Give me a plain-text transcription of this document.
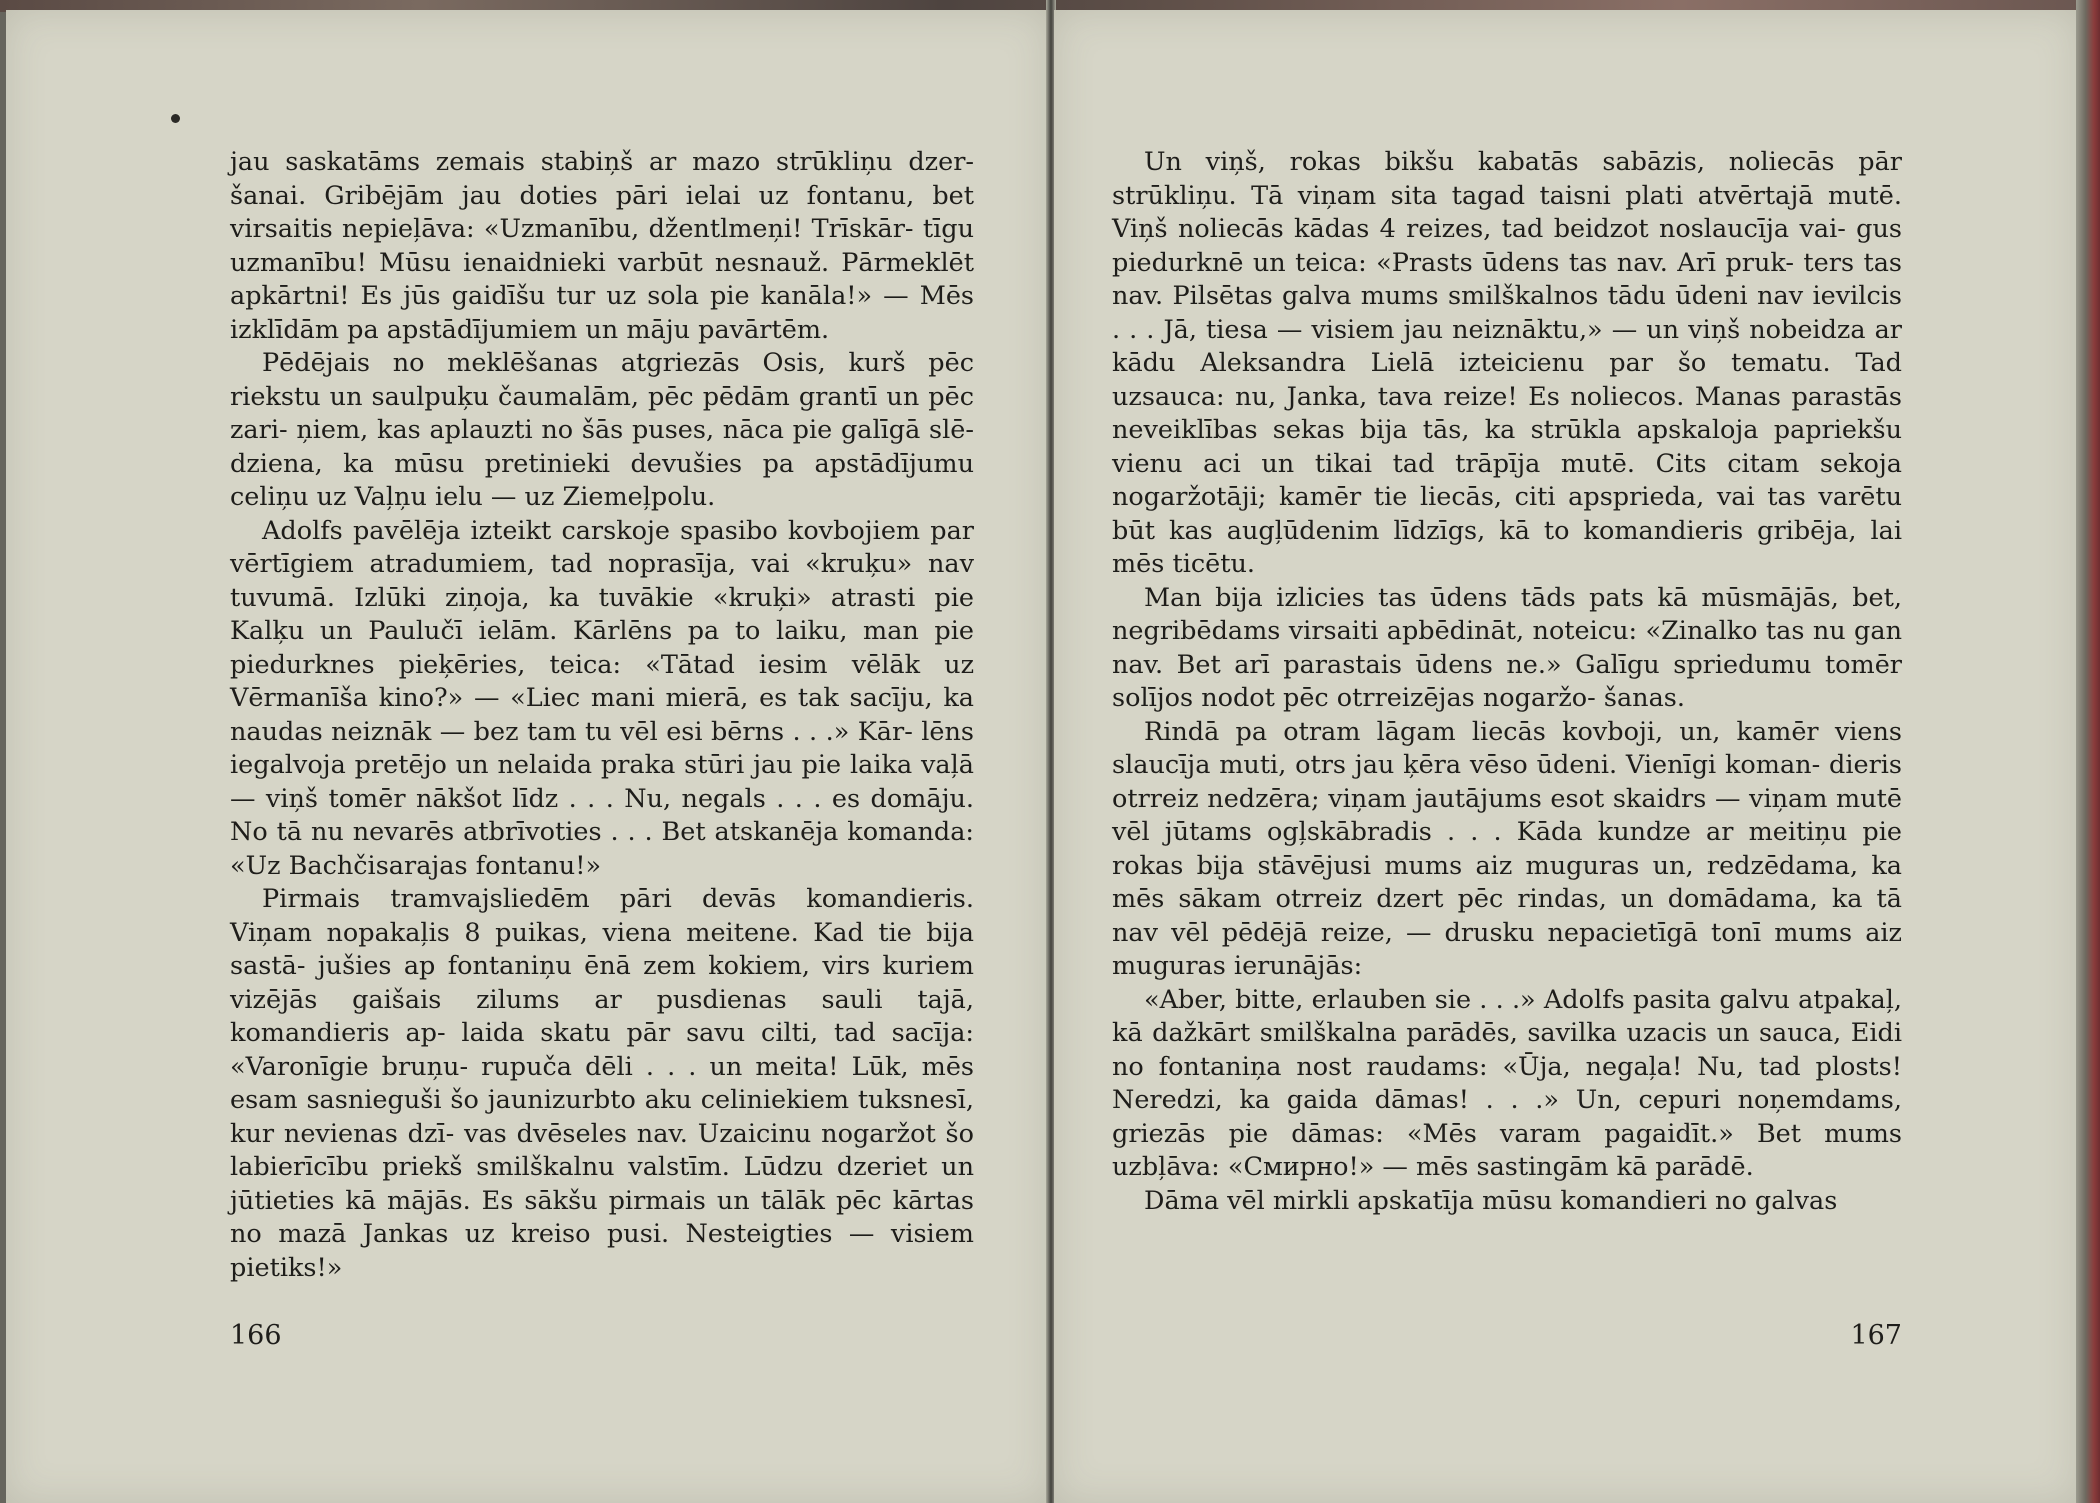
jau saskatāms zemais stabiņš ar mazo strūkliņu dzer- šanai. Gribējām jau doties pāri ielai uz fontanu, bet virsaitis nepieļāva: «Uzmanību, džentlmeņi! Trīskār- tīgu uzmanību! Mūsu ienaidnieki varbūt nesnauž. Pārmeklēt apkārtni! Es jūs gaidīšu tur uz sola pie kanāla!» — Mēs izklīdām pa apstādījumiem un māju pavārtēm.

Pēdējais no meklēšanas atgriezās Osis, kurš pēc riekstu un saulpuķu čaumalām, pēc pēdām grantī un pēc zari- ņiem, kas aplauzti no šās puses, nāca pie galīgā slē- dziena, ka mūsu pretinieki devušies pa apstādījumu celiņu uz Vaļņu ielu — uz Ziemeļpolu.

Adolfs pavēlēja izteikt carskoje spasibo kovbojiem par vērtīgiem atradumiem, tad noprasīja, vai «kruķu» nav tuvumā. Izlūki ziņoja, ka tuvākie «kruķi» atrasti pie Kalķu un Paulučī ielām. Kārlēns pa to laiku, man pie piedurknes pieķēries, teica: «Tātad iesim vēlāk uz Vērmanīša kino?» — «Liec mani mierā, es tak sacīju, ka naudas neiznāk — bez tam tu vēl esi bērns . . .» Kār- lēns iegalvoja pretējo un nelaida praka stūri jau pie laika vaļā — viņš tomēr nākšot līdz . . . Nu, negals . . . es domāju. No tā nu nevarēs atbrīvoties . . . Bet atskanēja komanda: «Uz Bachčisarajas fontanu!»

Pirmais tramvajsliedēm pāri devās komandieris. Viņam nopakaļis 8 puikas, viena meitene. Kad tie bija sastā- jušies ap fontaniņu ēnā zem kokiem, virs kuriem vizējās gaišais zilums ar pusdienas sauli tajā, komandieris ap- laida skatu pār savu cilti, tad sacīja: «Varonīgie bruņu- rupuča dēli . . . un meita! Lūk, mēs esam sasnieguši šo jaunizurbto aku celiniekiem tuksnesī, kur nevienas dzī- vas dvēseles nav. Uzaicinu nogaržot šo labierīcību priekš smilškalnu valstīm. Lūdzu dzeriet un jūtieties kā mājās. Es sākšu pirmais un tālāk pēc kārtas no mazā Jankas uz kreiso pusi. Nesteigties — visiem pietiks!»

166

Un viņš, rokas bikšu kabatās sabāzis, noliecās pār strūkliņu. Tā viņam sita tagad taisni plati atvērtajā mutē. Viņš noliecās kādas 4 reizes, tad beidzot noslaucīja vai- gus piedurknē un teica: «Prasts ūdens tas nav. Arī pruk- ters tas nav. Pilsētas galva mums smilškalnos tādu ūdeni nav ievilcis . . . Jā, tiesa — visiem jau neiznāktu,» — un viņš nobeidza ar kādu Aleksandra Lielā izteicienu par šo tematu. Tad uzsauca: nu, Janka, tava reize! Es noliecos. Manas parastās neveiklības sekas bija tās, ka strūkla apskaloja papriekšu vienu aci un tikai tad trāpīja mutē. Cits citam sekoja nogaržotāji; kamēr tie liecās, citi apsprieda, vai tas varētu būt kas augļūdenim līdzīgs, kā to komandieris gribēja, lai mēs ticētu.

Man bija izlicies tas ūdens tāds pats kā mūsmājās, bet, negribēdams virsaiti apbēdināt, noteicu: «Zinalko tas nu gan nav. Bet arī parastais ūdens ne.» Galīgu spriedumu tomēr solījos nodot pēc otrreizējas nogaržo- šanas.

Rindā pa otram lāgam liecās kovboji, un, kamēr viens slaucīja muti, otrs jau ķēra vēso ūdeni. Vienīgi koman- dieris otrreiz nedzēra; viņam jautājums esot skaidrs — viņam mutē vēl jūtams ogļskābradis . . . Kāda kundze ar meitiņu pie rokas bija stāvējusi mums aiz muguras un, redzēdama, ka mēs sākam otrreiz dzert pēc rindas, un domādama, ka tā nav vēl pēdējā reize, — drusku nepacietīgā tonī mums aiz muguras ierunājās:

«Aber, bitte, erlauben sie . . .» Adolfs pasita galvu atpakaļ, kā dažkārt smilškalna parādēs, savilka uzacis un sauca, Eidi no fontaniņa nost raudams: «Ūja, negaļa! Nu, tad plosts! Neredzi, ka gaida dāmas! . . .» Un, cepuri noņemdams, griezās pie dāmas: «Mēs varam pagaidīt.» Bet mums uzbļāva: «Смирно!» — mēs sastingām kā parādē.

Dāma vēl mirkli apskatīja mūsu komandieri no galvas

167
